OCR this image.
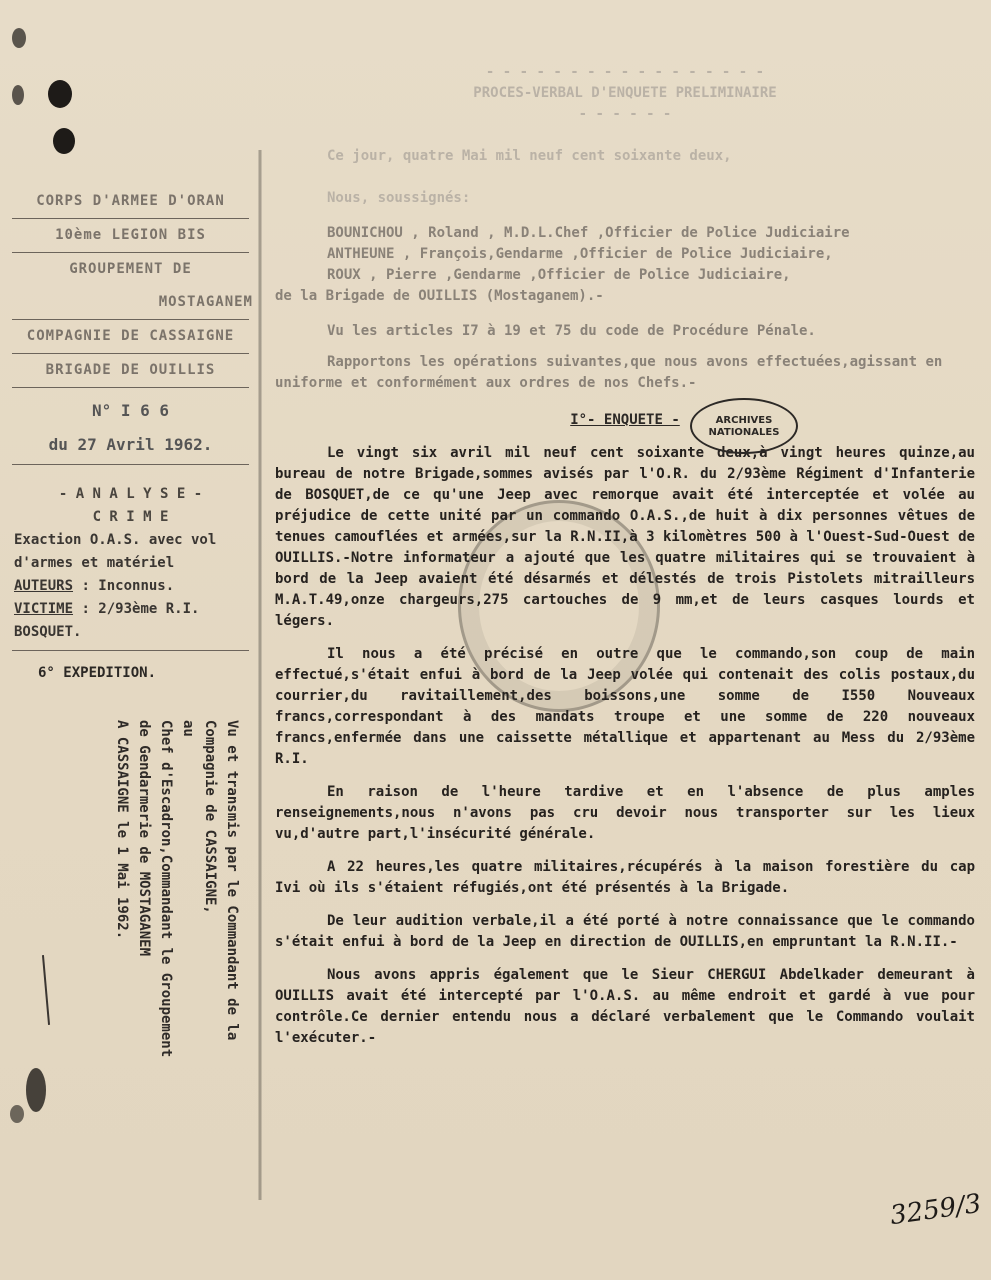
CORPS D'ARMEE D'ORAN
10ème LEGION BIS
GROUPEMENT DE
MOSTAGANEM
COMPAGNIE DE CASSAIGNE
BRIGADE DE OUILLIS
N° I 6 6
du 27 Avril 1962.
- A N A L Y S E -
C R I M E
Exaction O.A.S. avec vol d'armes et matériel
AUTEURS : Inconnus.
VICTIME : 2/93ème R.I. BOSQUET.
6° EXPEDITION.
Vu et transmis par le Commandant de la
Compagnie de CASSAIGNE,
au
Chef d'Escadron,Commandant le Groupement
de Gendarmerie de MOSTAGANEM
A CASSAIGNE le 1 Mai 1962.
- - - - - - - - - - - - - - - - -
PROCES-VERBAL D'ENQUETE PRELIMINAIRE
- - - - - -
Ce jour, quatre Mai mil neuf cent soixante deux,
Nous, soussignés:
BOUNICHOU , Roland , M.D.L.Chef ,Officier de Police Judiciaire
ANTHEUNE , François,Gendarme ,Officier de Police Judiciaire,
ROUX , Pierre ,Gendarme ,Officier de Police Judiciaire,
de la Brigade de OUILLIS (Mostaganem).-
Vu les articles I7 à 19 et 75 du code de Procédure Pénale.
Rapportons les opérations suivantes,que nous avons effectuées,agissant en uniforme et conformément aux ordres de nos Chefs.-
I°- ENQUETE -
Le vingt six avril mil neuf cent soixante deux,à vingt heures quinze,au bureau de notre Brigade,sommes avisés par l'O.R. du 2/93ème Régiment d'Infanterie de BOSQUET,de ce qu'une Jeep avec remorque avait été interceptée et volée au préjudice de cette unité par un commando O.A.S.,de huit à dix personnes vêtues de tenues camouflées et armées,sur la R.N.II,à 3 kilomètres 500 à l'Ouest-Sud-Ouest de OUILLIS.-Notre informateur a ajouté que les quatre militaires qui se trouvaient à bord de la Jeep avaient été désarmés et délestés de trois Pistolets mitrailleurs M.A.T.49,onze chargeurs,275 cartouches de 9 mm,et de leurs casques lourds et légers.
Il nous a été précisé en outre que le commando,son coup de main effectué,s'était enfui à bord de la Jeep volée qui contenait des colis postaux,du courrier,du ravitaillement,des boissons,une somme de I550 Nouveaux francs,correspondant à des mandats troupe et une somme de 220 nouveaux francs,enfermée dans une caissette métallique et appartenant au Mess du 2/93ème R.I.
En raison de l'heure tardive et en l'absence de plus amples renseignements,nous n'avons pas cru devoir nous transporter sur les lieux vu,d'autre part,l'insécurité générale.
A 22 heures,les quatre militaires,récupérés à la maison forestière du cap Ivi où ils s'étaient réfugiés,ont été présentés à la Brigade.
De leur audition verbale,il a été porté à notre connaissance que le commando s'était enfui à bord de la Jeep en direction de OUILLIS,en empruntant la R.N.II.-
Nous avons appris également que le Sieur CHERGUI Abdelkader demeurant à OUILLIS avait été intercepté par l'O.A.S. au même endroit et gardé à vue pour contrôle.Ce dernier entendu nous a déclaré verbalement que le Commando voulait l'exécuter.-
ARCHIVES
NATIONALES
3259/3
